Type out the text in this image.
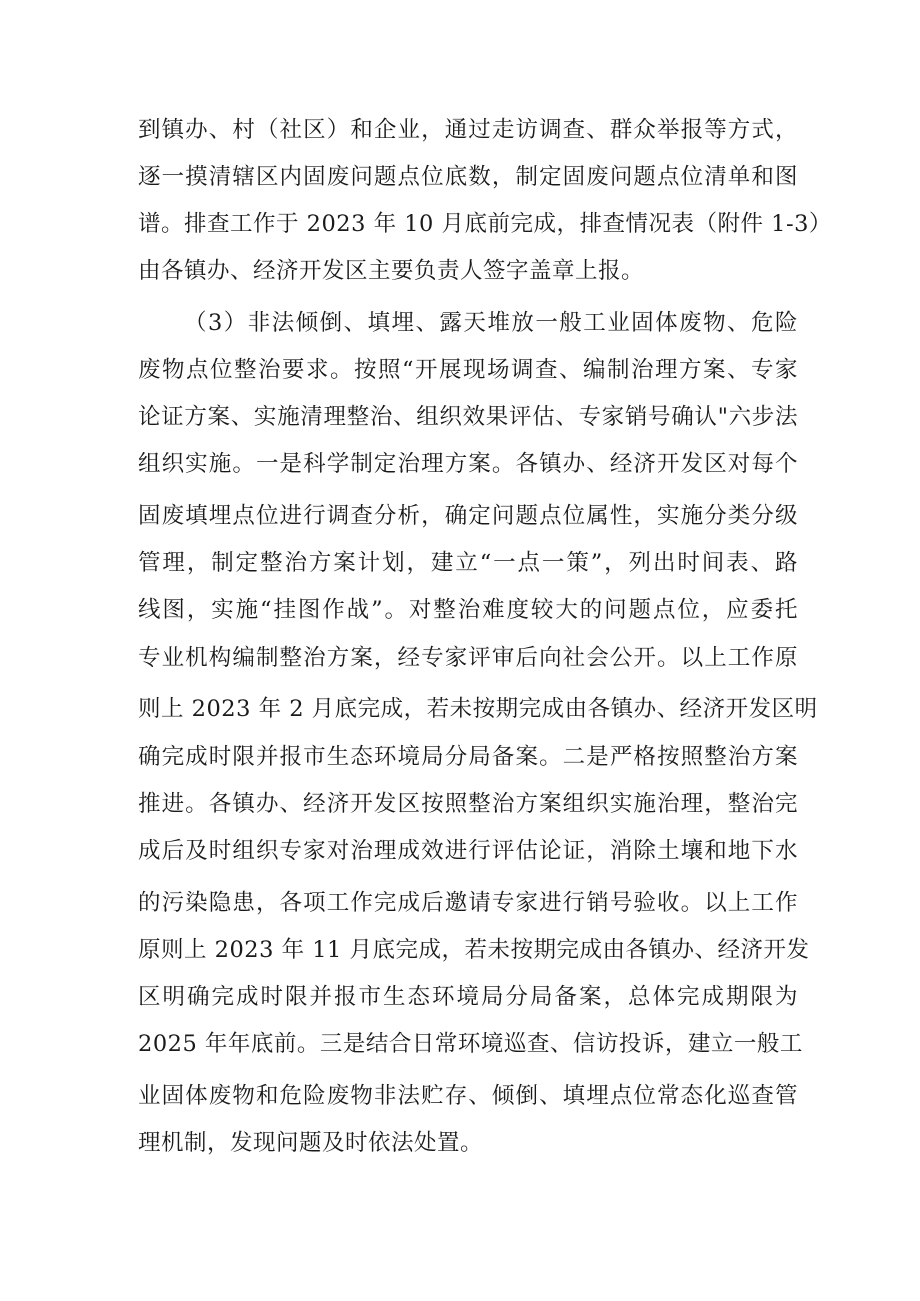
到镇办、村（社区）和企业，通过走访调查、群众举报等方式，
逐一摸清辖区内固废问题点位底数，制定固废问题点位清单和图
谱。排查工作于 2023 年 10 月底前完成，排查情况表（附件 1-3）
由各镇办、经济开发区主要负责人签字盖章上报。
（3）非法倾倒、填埋、露天堆放一般工业固体废物、危险
废物点位整治要求。按照“开展现场调查、编制治理方案、专家
论证方案、实施清理整治、组织效果评估、专家销号确认"六步法
组织实施。一是科学制定治理方案。各镇办、经济开发区对每个
固废填埋点位进行调查分析，确定问题点位属性，实施分类分级
管理，制定整治方案计划，建立“一点一策”，列出时间表、路
线图，实施“挂图作战”。对整治难度较大的问题点位，应委托
专业机构编制整治方案，经专家评审后向社会公开。以上工作原
则上 2023 年 2 月底完成，若未按期完成由各镇办、经济开发区明
确完成时限并报市生态环境局分局备案。二是严格按照整治方案
推进。各镇办、经济开发区按照整治方案组织实施治理，整治完
成后及时组织专家对治理成效进行评估论证，消除土壤和地下水
的污染隐患，各项工作完成后邀请专家进行销号验收。以上工作
原则上 2023 年 11 月底完成，若未按期完成由各镇办、经济开发
区明确完成时限并报市生态环境局分局备案，总体完成期限为
2025 年年底前。三是结合日常环境巡查、信访投诉，建立一般工
业固体废物和危险废物非法贮存、倾倒、填埋点位常态化巡查管
理机制，发现问题及时依法处置。
